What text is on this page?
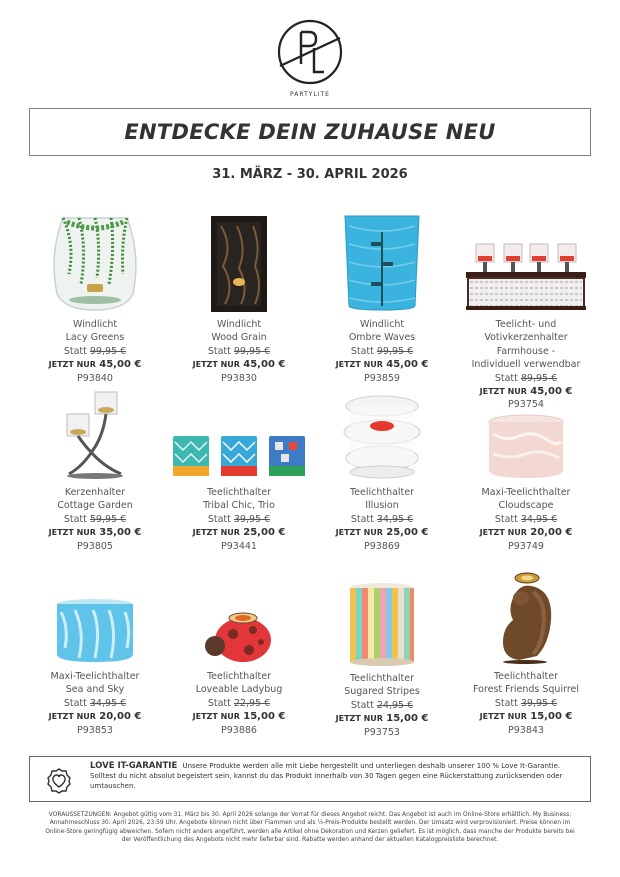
PARTYLITE
ENTDECKE DEIN ZUHAUSE NEU
31. MÄRZ - 30. APRIL 2026
Windlicht
Lacy Greens
Statt 99,95 €
JETZT NUR 45,00 €
P93840
Windlicht
Wood Grain
Statt 99,95 €
JETZT NUR 45,00 €
P93830
Windlicht
Ombre Waves
Statt 99,95 €
JETZT NUR 45,00 €
P93859
Teelicht- und
Votivkerzenhalter
Farmhouse -
Individuell verwendbar
Statt 89,95 €
JETZT NUR 45,00 €
P93754
Kerzenhalter
Cottage Garden
Statt 59,95 €
JETZT NUR 35,00 €
P93805
Teelichthalter
Tribal Chic, Trio
Statt 39,95 €
JETZT NUR 25,00 €
P93441
Teelichthalter
Illusion
Statt 34,95 €
JETZT NUR 25,00 €
P93869
Maxi-Teelichthalter
Cloudscape
Statt 34,95 €
JETZT NUR 20,00 €
P93749
Maxi-Teelichthalter
Sea and Sky
Statt 34,95 €
JETZT NUR 20,00 €
P93853
Teelichthalter
Loveable Ladybug
Statt 22,95 €
JETZT NUR 15,00 €
P93886
Teelichthalter
Sugared Stripes
Statt 24,95 €
JETZT NUR 15,00 €
P93753
Teelichthalter
Forest Friends Squirrel
Statt 39,95 €
JETZT NUR 15,00 €
P93843
LOVE IT-GARANTIE Unsere Produkte werden alle mit Liebe hergestellt und unterliegen deshalb unserer 100 % Love It-Garantie. Solltest du nicht absolut begeistert sein, kannst du das Produkt innerhalb von 30 Tagen gegen eine Rückerstattung zurücksenden oder umtauschen.
VORAUSSETZUNGEN: Angebot gültig vom 31. März bis 30. April 2026 solange der Vorrat für dieses Angebot reicht. Das Angebot ist auch im Online-Store erhältlich. My Business: Annahmeschluss 30. April 2026, 23:59 Uhr. Angebote können nicht über Flammen und als ½-Preis-Produkte bestellt werden. Der Umsatz wird verprovisioniert. Preise können im Online-Store geringfügig abweichen. Sofern nicht anders angeführt, werden alle Artikel ohne Dekoration und Kerzen geliefert. Es ist möglich, dass manche der Produkte bereits bei der Veröffentlichung des Angebots nicht mehr lieferbar sind. Rabatte werden anhand der aktuellen Katalogpreisliste berechnet.
